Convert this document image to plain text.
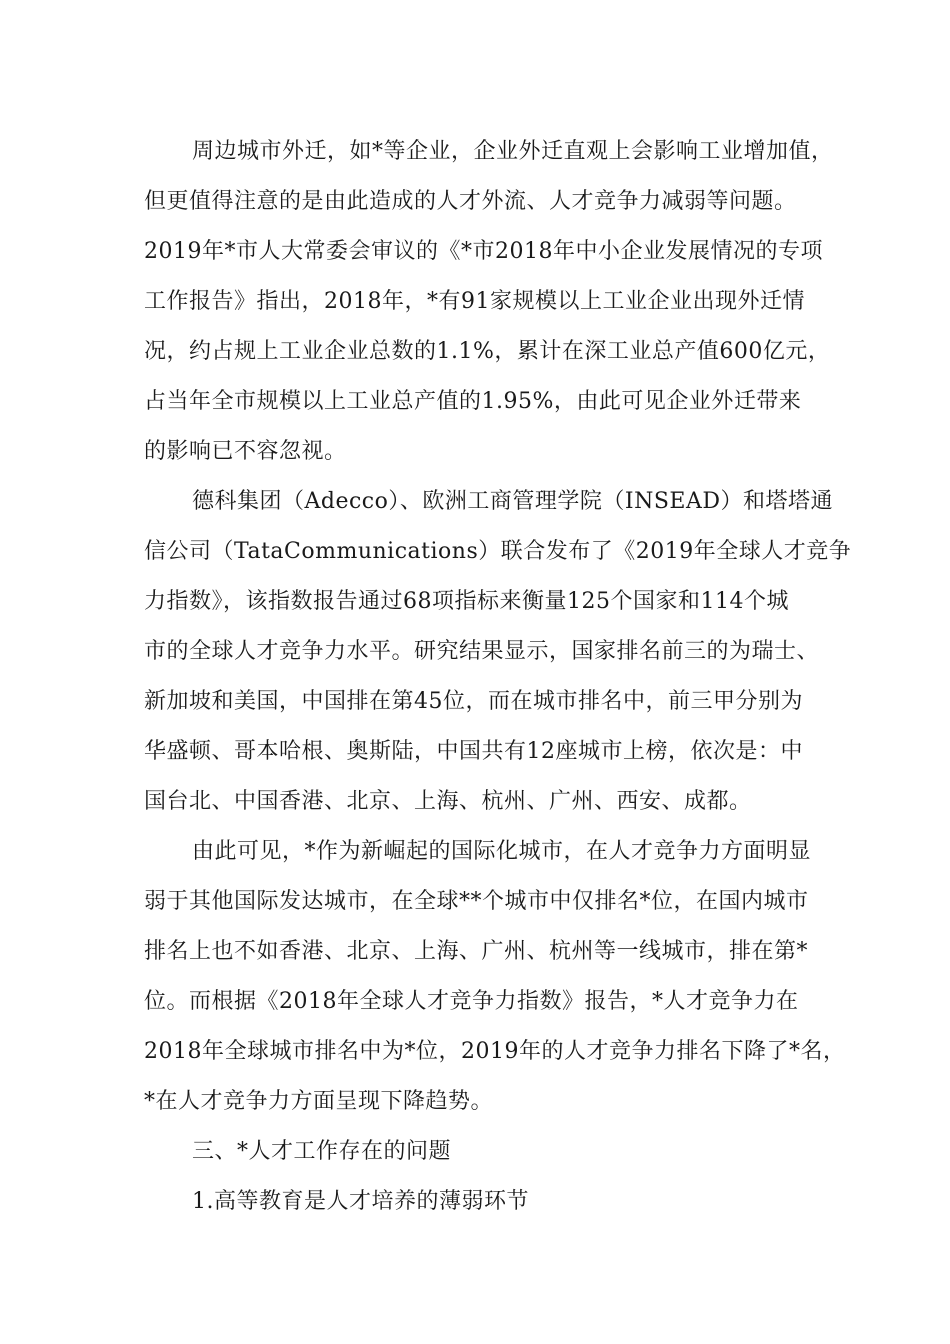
周边城市外迁，如*等企业，企业外迁直观上会影响工业增加值，
但更值得注意的是由此造成的人才外流、人才竞争力减弱等问题。
2019年*市人大常委会审议的《*市2018年中小企业发展情况的专项
工作报告》指出，2018年，*有91家规模以上工业企业出现外迁情
况，约占规上工业企业总数的1.1%，累计在深工业总产值600亿元，
占当年全市规模以上工业总产值的1.95%，由此可见企业外迁带来
的影响已不容忽视。
德科集团（Adecco）、欧洲工商管理学院（INSEAD）和塔塔通
信公司（TataCommunications）联合发布了《2019年全球人才竞争
力指数》，该指数报告通过68项指标来衡量125个国家和114个城
市的全球人才竞争力水平。研究结果显示，国家排名前三的为瑞士、
新加坡和美国，中国排在第45位，而在城市排名中，前三甲分别为
华盛顿、哥本哈根、奥斯陆，中国共有12座城市上榜，依次是：中
国台北、中国香港、北京、上海、杭州、广州、西安、成都。
由此可见，*作为新崛起的国际化城市，在人才竞争力方面明显
弱于其他国际发达城市，在全球**个城市中仅排名*位，在国内城市
排名上也不如香港、北京、上海、广州、杭州等一线城市，排在第*
位。而根据《2018年全球人才竞争力指数》报告，*人才竞争力在
2018年全球城市排名中为*位，2019年的人才竞争力排名下降了*名，
*在人才竞争力方面呈现下降趋势。
三、*人才工作存在的问题
1.高等教育是人才培养的薄弱环节
